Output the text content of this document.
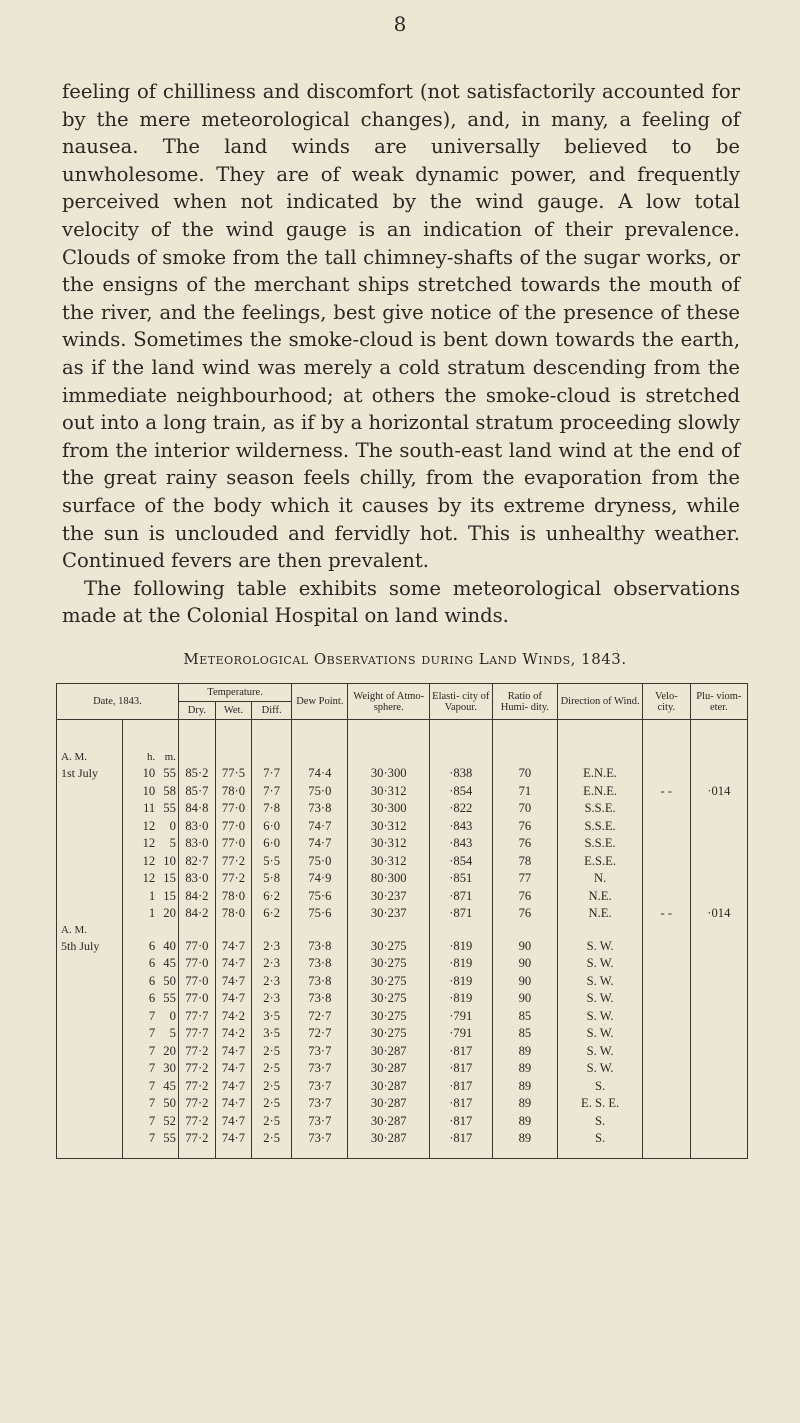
8

feeling of chilliness and discomfort (not satisfactorily accounted for by the mere meteorological changes), and, in many, a feeling of nausea. The land winds are universally believed to be unwholesome. They are of weak dynamic power, and frequently perceived when not indicated by the wind gauge. A low total velocity of the wind gauge is an indication of their prevalence. Clouds of smoke from the tall chimney-shafts of the sugar works, or the ensigns of the merchant ships stretched towards the mouth of the river, and the feelings, best give notice of the presence of these winds. Sometimes the smoke-cloud is bent down towards the earth, as if the land wind was merely a cold stratum descending from the immediate neighbourhood; at others the smoke-cloud is stretched out into a long train, as if by a horizontal stratum proceeding slowly from the interior wilderness. The south-east land wind at the end of the great rainy season feels chilly, from the evaporation from the surface of the body which it causes by its extreme dryness, while the sun is unclouded and fervidly hot. This is unhealthy weather. Continued fevers are then prevalent.

The following table exhibits some meteorological observations made at the Colonial Hospital on land winds.

Meteorological Observations during Land Winds, 1843.
Date, 1843.			Temperature.			Dew Point.	Weight of Atmo- sphere.	Elasti- city of Vapour.	Ratio of Humi- dity.	Direction of Wind.	Velo- city.	Plu- viom- eter.
			Dry.	Wet.	Diff.							

A. M.	h.	m.										
1st July	10	55	85·2	77·5	7·7	74·4	30·300	·838	70	E.N.E.		
	10	58	85·7	78·0	7·7	75·0	30·312	·854	71	E.N.E.	- -	·014
	11	55	84·8	77·0	7·8	73·8	30·300	·822	70	S.S.E.		
	12	0	83·0	77·0	6·0	74·7	30·312	·843	76	S.S.E.		
	12	5	83·0	77·0	6·0	74·7	30·312	·843	76	S.S.E.		
	12	10	82·7	77·2	5·5	75·0	30·312	·854	78	E.S.E.		
	12	15	83·0	77·2	5·8	74·9	80·300	·851	77	N.		
	1	15	84·2	78·0	6·2	75·6	30·237	·871	76	N.E.		
	1	20	84·2	78·0	6·2	75·6	30·237	·871	76	N.E.	- -	·014
A. M.												
5th July	6	40	77·0	74·7	2·3	73·8	30·275	·819	90	S. W.		
	6	45	77·0	74·7	2·3	73·8	30·275	·819	90	S. W.		
	6	50	77·0	74·7	2·3	73·8	30·275	·819	90	S. W.		
	6	55	77·0	74·7	2·3	73·8	30·275	·819	90	S. W.		
	7	0	77·7	74·2	3·5	72·7	30·275	·791	85	S. W.		
	7	5	77·7	74·2	3·5	72·7	30·275	·791	85	S. W.		
	7	20	77·2	74·7	2·5	73·7	30·287	·817	89	S. W.		
	7	30	77·2	74·7	2·5	73·7	30·287	·817	89	S. W.		
	7	45	77·2	74·7	2·5	73·7	30·287	·817	89	S.		
	7	50	77·2	74·7	2·5	73·7	30·287	·817	89	E. S. E.		
	7	52	77·2	74·7	2·5	73·7	30·287	·817	89	S.		
	7	55	77·2	74·7	2·5	73·7	30·287	·817	89	S.		
